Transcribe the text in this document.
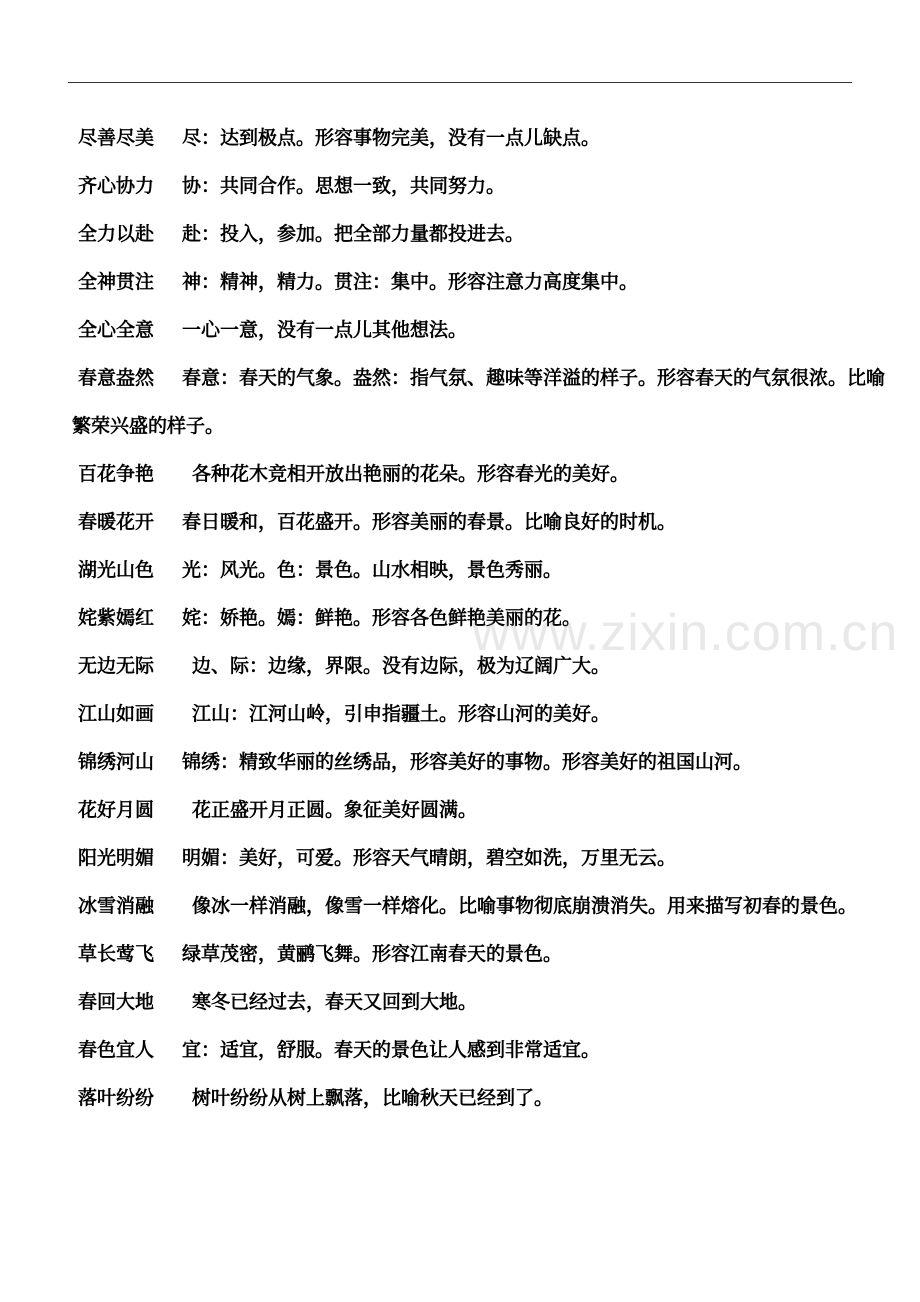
尽善尽美 尽：达到极点。形容事物完美，没有一点儿缺点。
齐心协力 协：共同合作。思想一致，共同努力。
全力以赴 赴：投入，参加。把全部力量都投进去。
全神贯注 神：精神，精力。贯注：集中。形容注意力高度集中。
全心全意 一心一意，没有一点儿其他想法。
春意盎然 春意：春天的气象。盎然：指气氛、趣味等洋溢的样子。形容春天的气氛很浓。比喻繁荣兴盛的样子。
百花争艳 各种花木竞相开放出艳丽的花朵。形容春光的美好。
春暖花开 春日暖和，百花盛开。形容美丽的春景。比喻良好的时机。
湖光山色 光：风光。色：景色。山水相映，景色秀丽。
姹紫嫣红 姹：娇艳。嫣：鲜艳。形容各色鲜艳美丽的花。
无边无际 边、际：边缘，界限。没有边际，极为辽阔广大。
江山如画 江山：江河山岭，引申指疆土。形容山河的美好。
锦绣河山 锦绣：精致华丽的丝绣品，形容美好的事物。形容美好的祖国山河。
花好月圆 花正盛开月正圆。象征美好圆满。
阳光明媚 明媚：美好，可爱。形容天气晴朗，碧空如洗，万里无云。
冰雪消融 像冰一样消融，像雪一样熔化。比喻事物彻底崩溃消失。用来描写初春的景色。
草长莺飞 绿草茂密，黄鹂飞舞。形容江南春天的景色。
春回大地 寒冬已经过去，春天又回到大地。
春色宜人 宜：适宜，舒服。春天的景色让人感到非常适宜。
落叶纷纷 树叶纷纷从树上飘落，比喻秋天已经到了。
www.zixin.com.cn
